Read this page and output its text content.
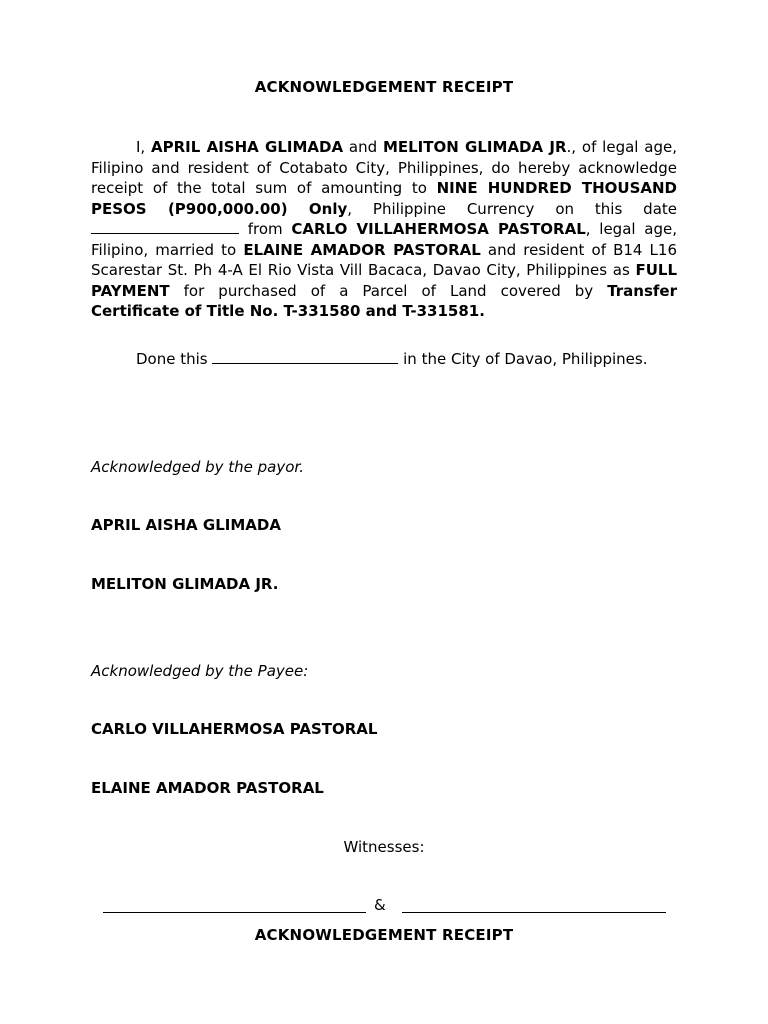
ACKNOWLEDGEMENT RECEIPT
I, APRIL AISHA GLIMADA and MELITON GLIMADA JR., of legal age, Filipino and resident of Cotabato City, Philippines, do hereby acknowledge receipt of the total sum of amounting to NINE HUNDRED THOUSAND PESOS (P900,000.00) Only, Philippine Currency on this date  from CARLO VILLAHERMOSA PASTORAL, legal age, Filipino, married to ELAINE AMADOR PASTORAL and resident of B14 L16 Scarestar St. Ph 4-A El Rio Vista Vill Bacaca, Davao City, Philippines as FULL PAYMENT for purchased of a Parcel of Land covered by Transfer Certificate of Title No. T-331580 and T-331581.
Done this	in the City of Davao, Philippines.
Acknowledged by the payor.
APRIL AISHA GLIMADA
MELITON GLIMADA JR.
Acknowledged by the Payee:
CARLO VILLAHERMOSA PASTORAL
ELAINE AMADOR PASTORAL
Witnesses:
&
ACKNOWLEDGEMENT RECEIPT
